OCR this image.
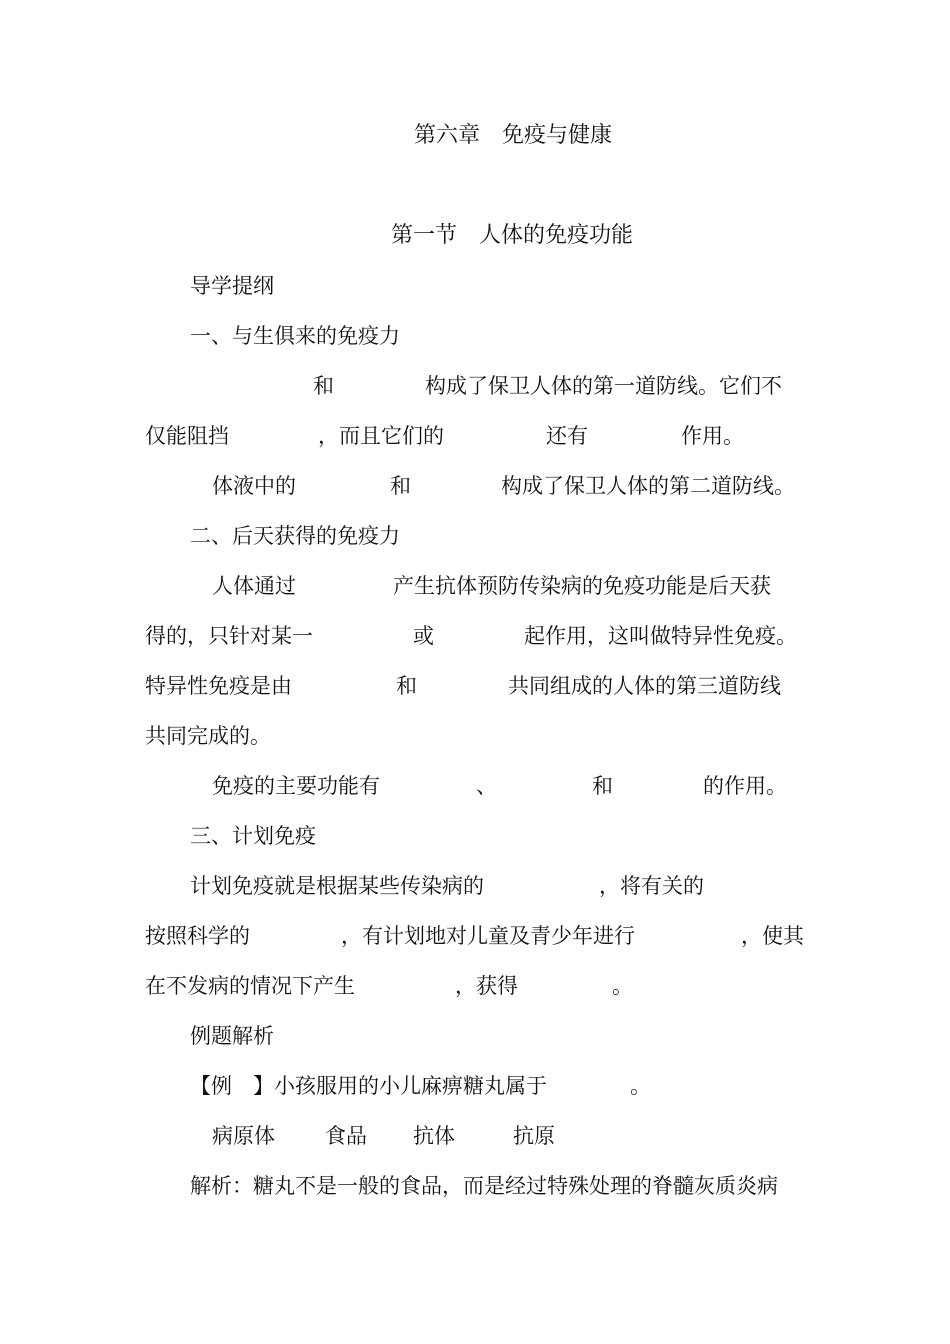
第六章　免疫与健康
第一节　人体的免疫功能
导学提纲
一、与生俱来的免疫力
和	构成了保卫人体的第一道防线。它们不
仅能阻挡	，而且它们的	还有	作用。
体液中的	和	构成了保卫人体的第二道防线。
二、后天获得的免疫力
人体通过	产生抗体预防传染病的免疫功能是后天获
得的，只针对某一	或	起作用，这叫做特异性免疫。
特异性免疫是由	和	共同组成的人体的第三道防线
共同完成的。
免疫的主要功能有	、	和	的作用。
三、计划免疫
计划免疫就是根据某些传染病的	，将有关的
按照科学的	，有计划地对儿童及青少年进行	，使其
在不发病的情况下产生	，获得	。
例题解析
【例　】小孩服用的小儿麻痹糖丸属于	。
病原体 食品 抗体	抗原
解析：糖丸不是一般的食品，而是经过特殊处理的脊髓灰质炎病
